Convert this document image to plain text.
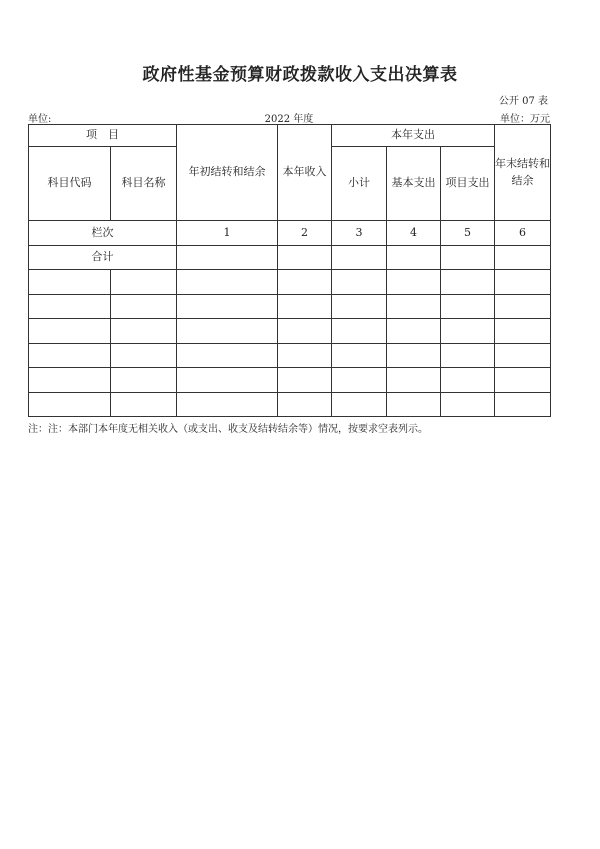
政府性基金预算财政拨款收入支出决算表
公开 07 表
单位:	2022 年度	单位：万元
项　目		年初结转和结余	本年收入	本年支出			年末结转和结余
科目代码	科目名称			小计	基本支出	项目支出	
栏次		1	2	3	4	5	6
合计							

注：注：本部门本年度无相关收入（或支出、收支及结转结余等）情况，按要求空表列示。
